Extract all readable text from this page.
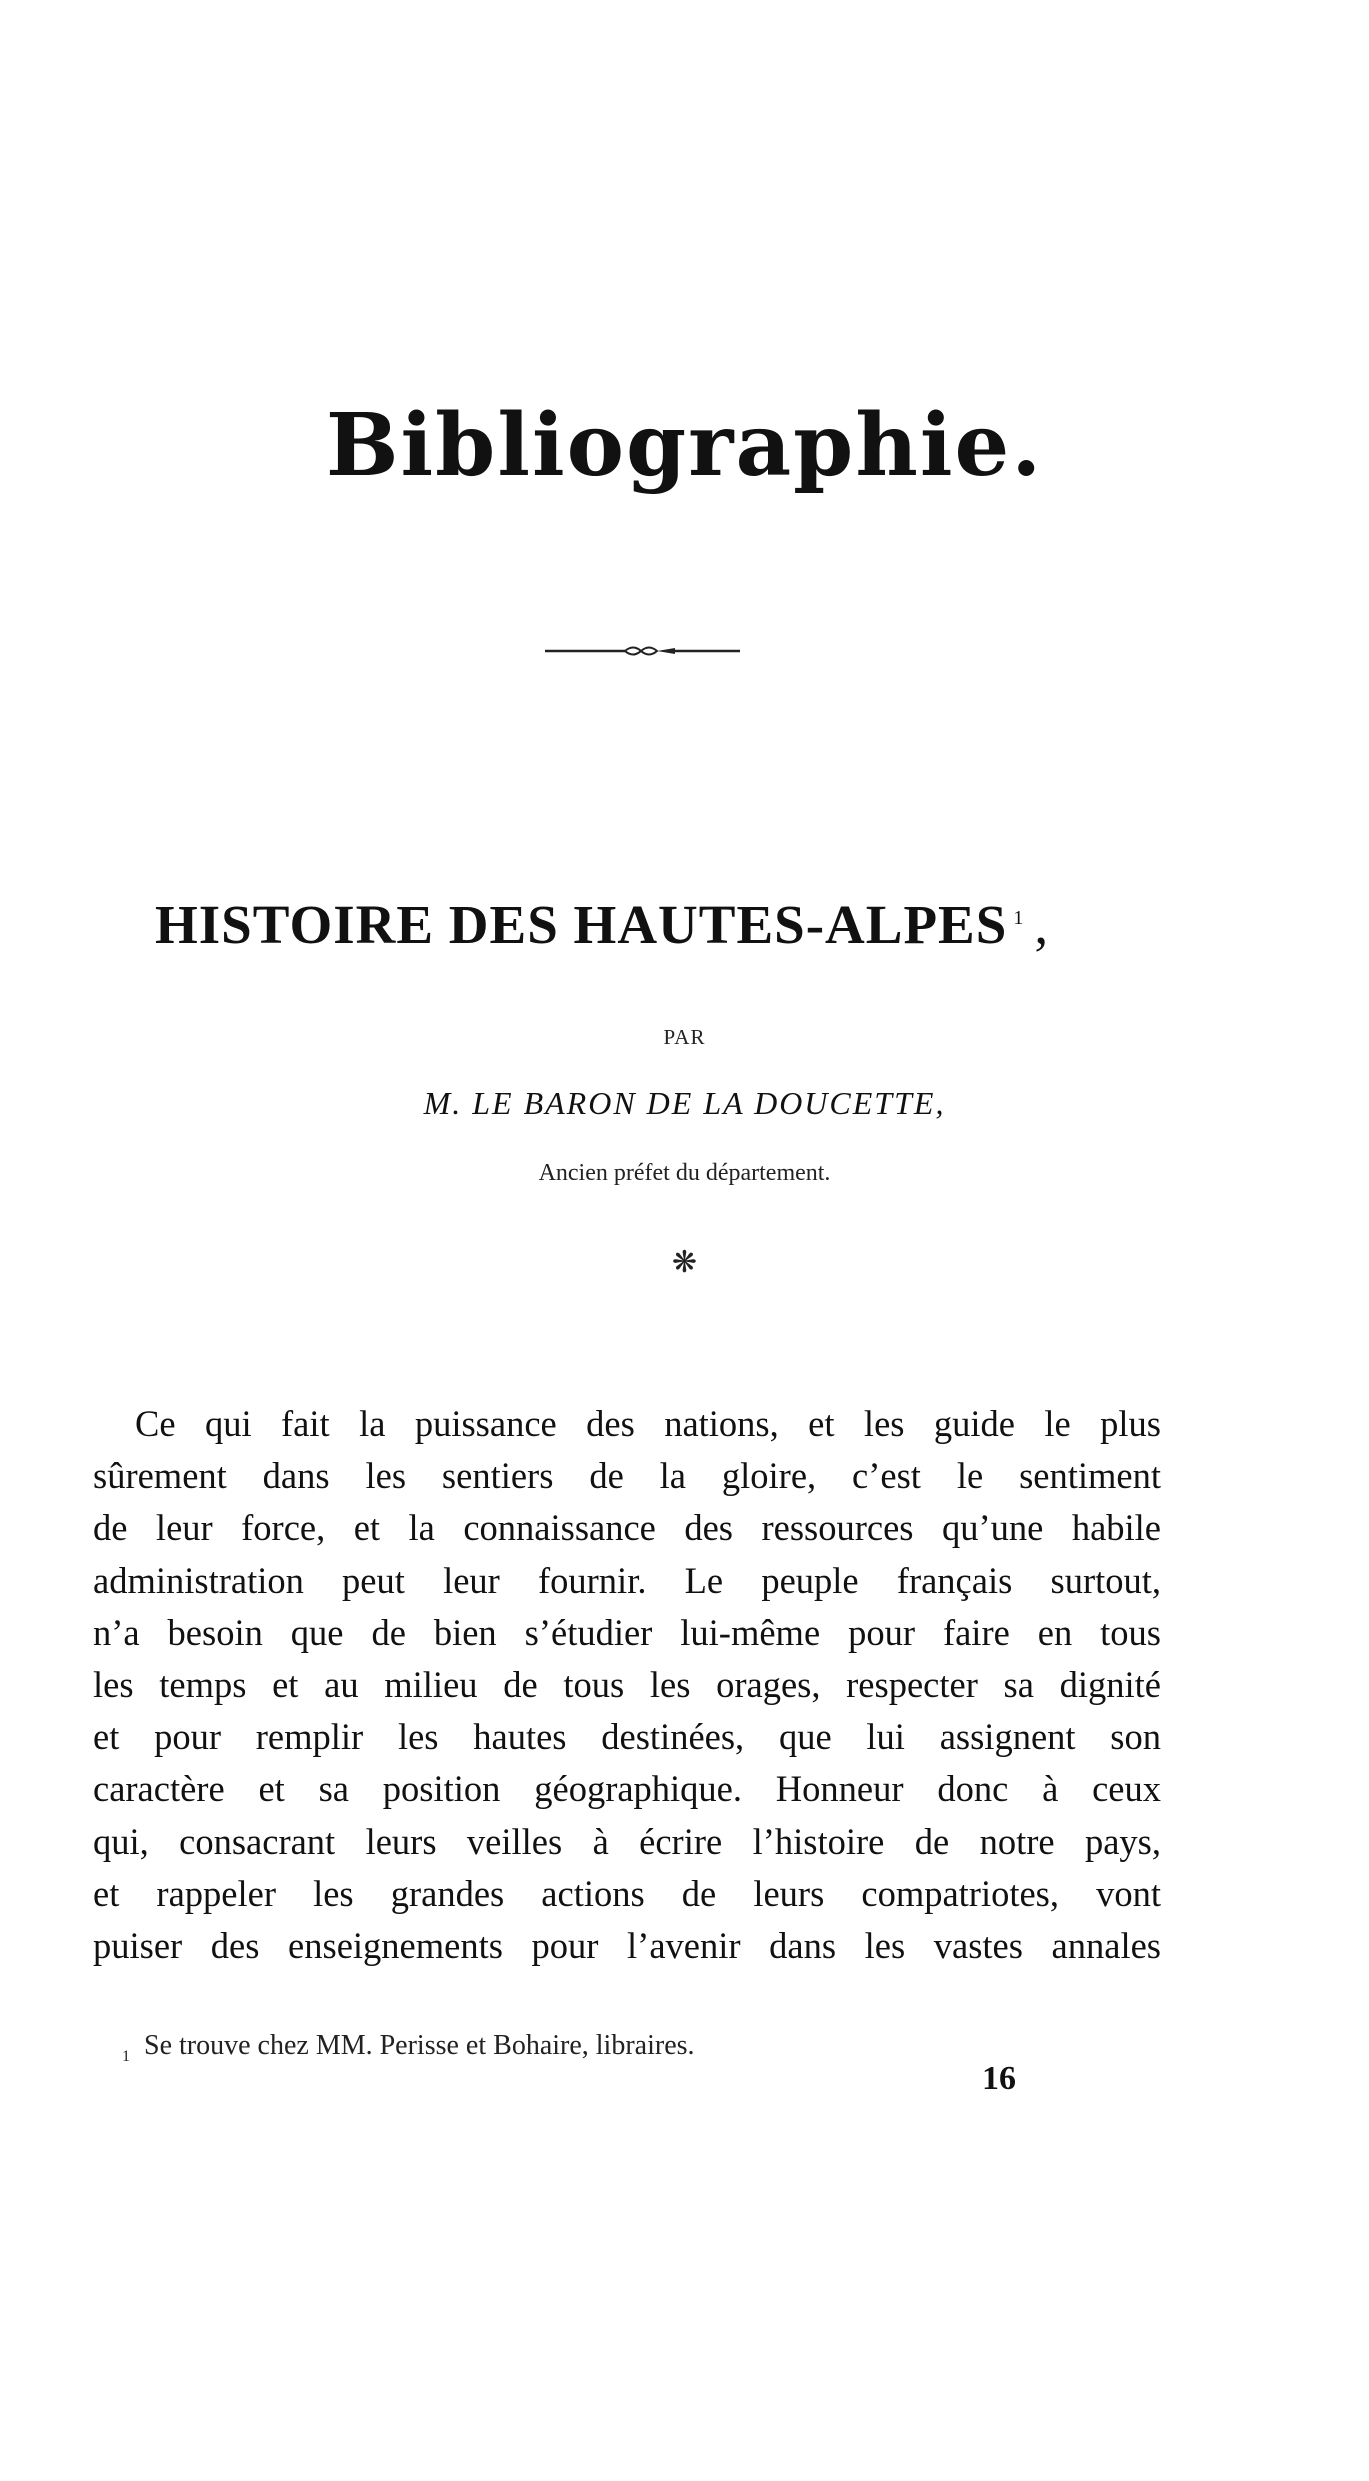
Bibliographie.
HISTOIRE DES HAUTES-ALPES $^1$ ,
PAR
M. LE BARON DE LA DOUCETTE,
Ancien préfet du département.
❋
Ce qui fait la puissance des nations, et les guide le plus
sûrement dans les sentiers de la gloire, c’est le sentiment
de leur force, et la connaissance des ressources qu’une habile
administration peut leur fournir. Le peuple français surtout,
n’a besoin que de bien s’étudier lui-même pour faire en tous
les temps et au milieu de tous les orages, respecter sa dignité
et pour remplir les hautes destinées, que lui assignent son
caractère et sa position géographique. Honneur donc à ceux
qui, consacrant leurs veilles à écrire l’histoire de notre pays,
et rappeler les grandes actions de leurs compatriotes, vont
puiser des enseignements pour l’avenir dans les vastes annales
$_1$ Se trouve chez MM. Perisse et Bohaire, libraires.
16
